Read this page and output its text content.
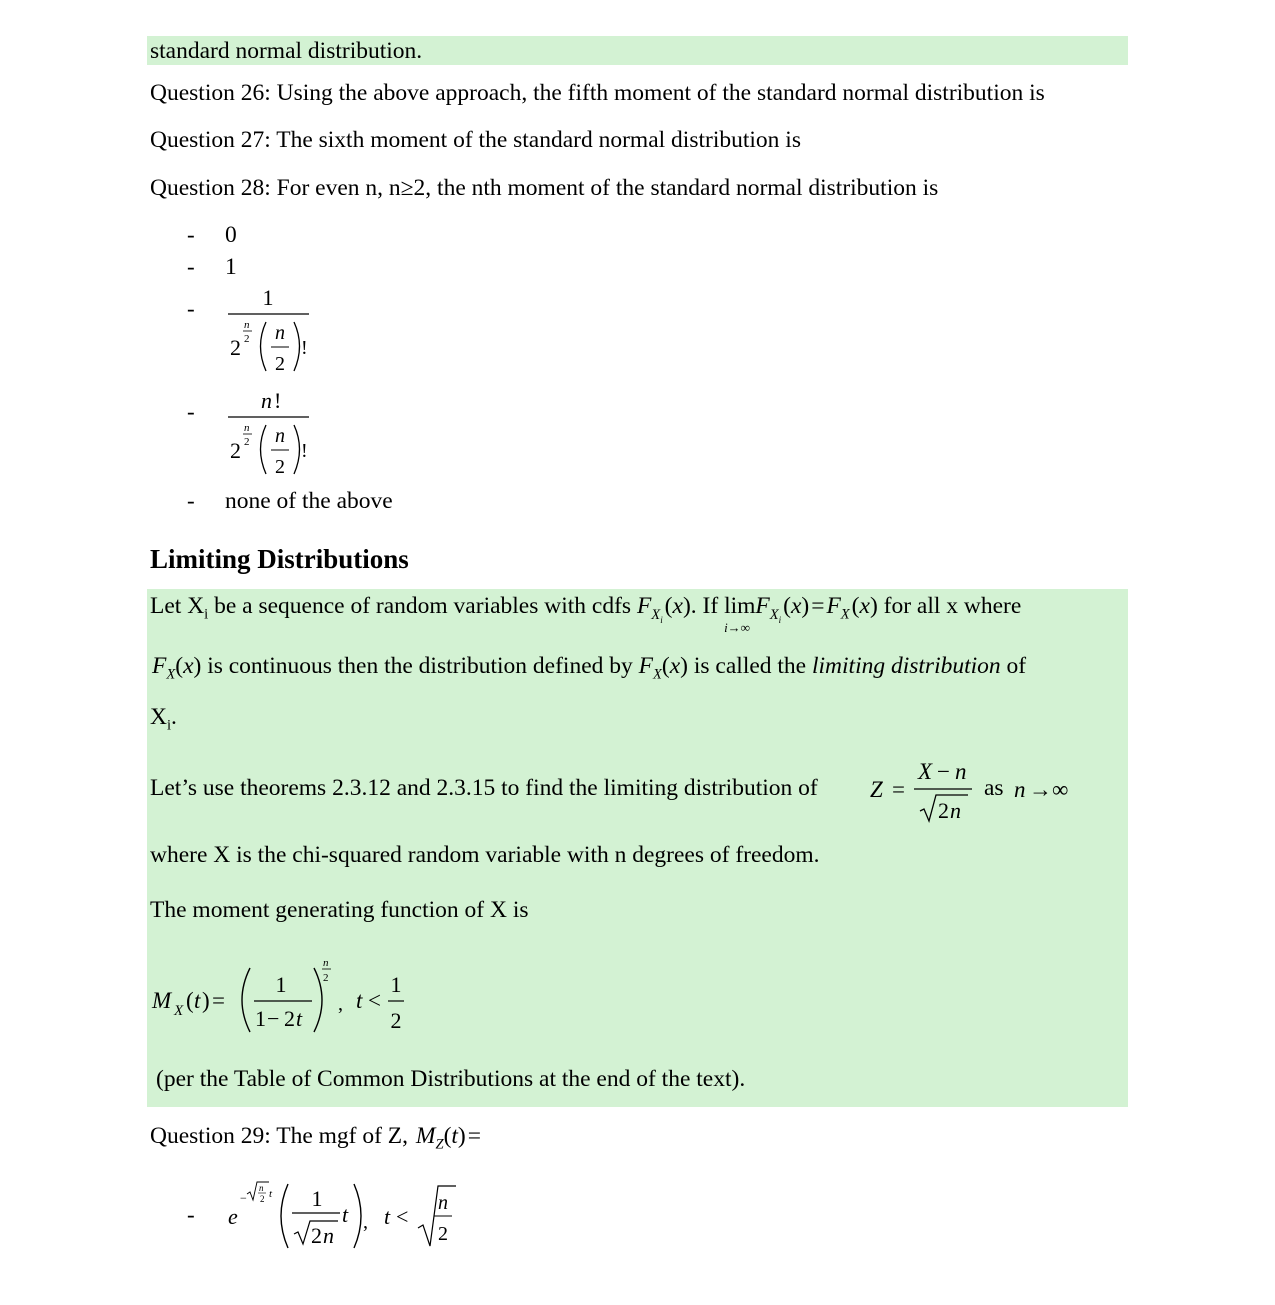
standard normal distribution.
Question 26: Using the above approach, the fifth moment of the standard normal distribution is
Question 27: The sixth moment of the standard normal distribution is
Question 28: For even n, n≥2, the nth moment of the standard normal distribution is
- 0
- 1
-	1
2
n
2 n
2
!
-	n !
2
n
2 n
2
!
- none of the above
Limiting Distributions
Let $X_i$ be a sequence of random variables with cdfs $F_{X_i}$ (x). If lim
i→∞
$F_{X_i}$ (x) = $F_X$ (x) for all x where
 $F_X(x)$ is continuous then the distribution defined by $F_X(x)$ is called the limiting distribution of
$X_i$.
Let’s use theorems 2.3.12 and 2.3.15 to find the limiting distribution of Z =
X − n
2 n
n →∞
as
where X is the chi-squared random variable with n degrees of freedom.
The moment generating function of X is
M X ( t ) =
1
1 − 2 t
n
2
, t <
1
2
(per the Table of Common Distributions at the end of the text).
Question 29: The mgf of Z,   $M_Z(t)$ =
- e
−
n
2 t 1
2 n
t , t <
n
2
